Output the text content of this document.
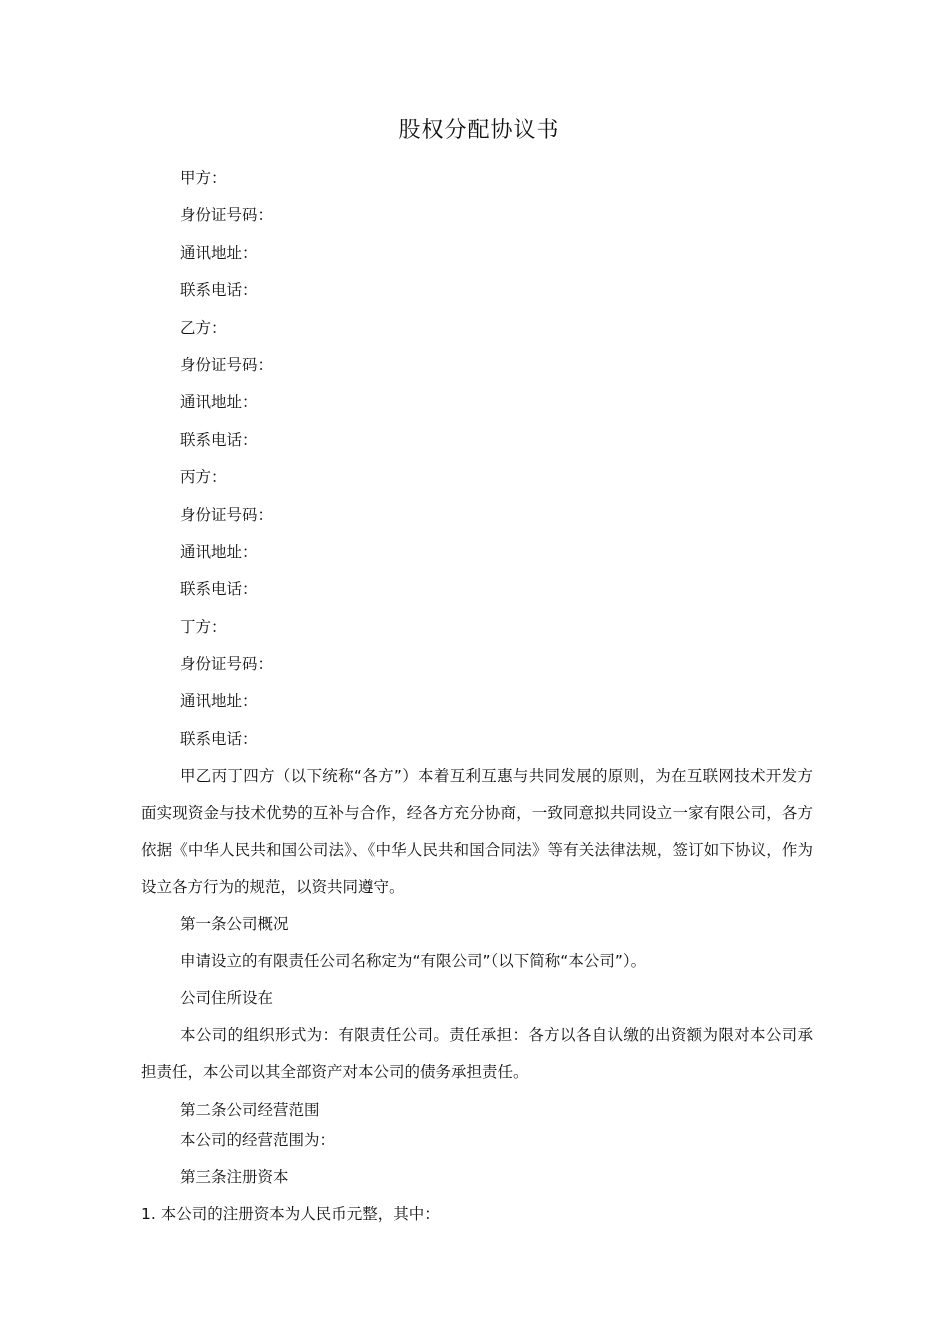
股权分配协议书
甲方：
身份证号码：
通讯地址：
联系电话：
乙方：
身份证号码：
通讯地址：
联系电话：
丙方：
身份证号码：
通讯地址：
联系电话：
丁方：
身份证号码：
通讯地址：
联系电话：

甲乙丙丁四方（以下统称“各方”）本着互利互惠与共同发展的原则，为在互联网技术开发方面实现资金与技术优势的互补与合作，经各方充分协商，一致同意拟共同设立一家有限公司，各方依据《中华人民共和国公司法》、《中华人民共和国合同法》等有关法律法规，签订如下协议，作为设立各方行为的规范，以资共同遵守。

第一条公司概况
申请设立的有限责任公司名称定为“有限公司”（以下简称“本公司”）。
公司住所设在

本公司的组织形式为：有限责任公司。责任承担：各方以各自认缴的出资额为限对本公司承担责任，本公司以其全部资产对本公司的债务承担责任。

第二条公司经营范围
本公司的经营范围为：
第三条注册资本
1. 本公司的注册资本为人民币元整，其中：
